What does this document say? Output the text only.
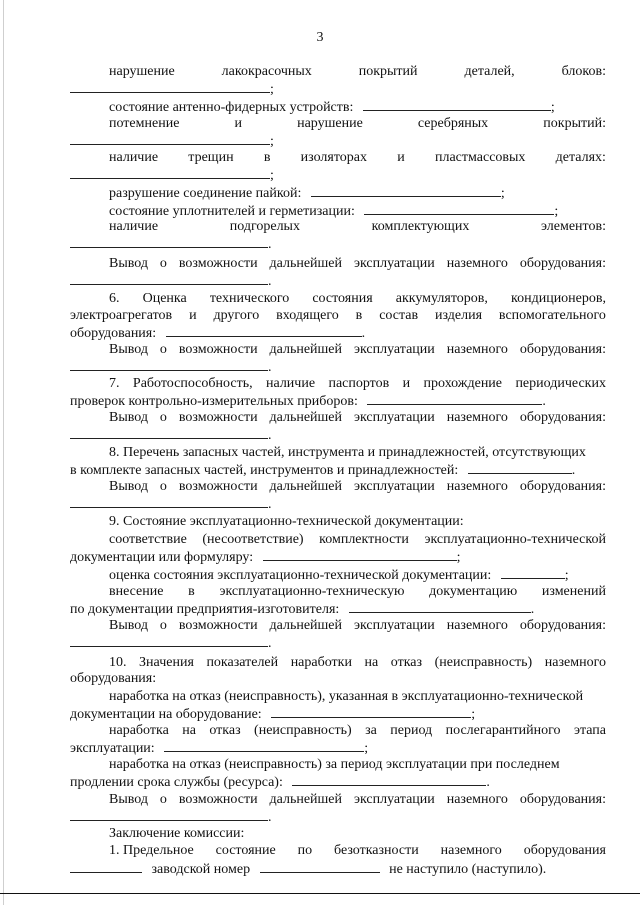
3
нарушение	лакокрасочных	покрытий	деталей,	блоков:
;
состояние антенно-фидерных устройств:	;
потемнение	и	нарушение	серебряных	покрытий:
;
наличие трещин в изоляторах и пластмассовых деталях:
;
разрушение соединение пайкой:	;
состояние уплотнителей и герметизации:	;
наличие	подгорелых	комплектующих	элементов:
.
Вывод о возможности дальнейшей эксплуатации наземного оборудования:
.
6. Оценка технического состояния аккумуляторов, кондиционеров,
электроагрегатов и другого входящего в состав изделия вспомогательного
оборудования:	.
Вывод о возможности дальнейшей эксплуатации наземного оборудования:
.
7. Работоспособность, наличие паспортов и прохождение периодических
проверок контрольно-измерительных приборов:	.
Вывод о возможности дальнейшей эксплуатации наземного оборудования:
.
8. Перечень запасных частей, инструмента и принадлежностей, отсутствующих
в комплекте запасных частей, инструментов и принадлежностей:	.
Вывод о возможности дальнейшей эксплуатации наземного оборудования:
.
9. Состояние эксплуатационно-технической документации:
соответствие (несоответствие) комплектности эксплуатационно-технической
документации или формуляру:	;
оценка состояния эксплуатационно-технической документации:	;
внесение в эксплуатационно-техническую документацию изменений
по документации предприятия-изготовителя:	.
Вывод о возможности дальнейшей эксплуатации наземного оборудования:
.
10. Значения показателей наработки на отказ (неисправность) наземного
оборудования:
наработка на отказ (неисправность), указанная в эксплуатационно-технической
документации на оборудование:	;
наработка на отказ (неисправность) за период послегарантийного этапа
эксплуатации:	;
наработка на отказ (неисправность) за период эксплуатации при последнем
продлении срока службы (ресурса):	.
Вывод о возможности дальнейшей эксплуатации наземного оборудования:
.
Заключение комиссии:
1. Предельное состояние по безотказности наземного оборудования
заводской номер	не наступило (наступило).
